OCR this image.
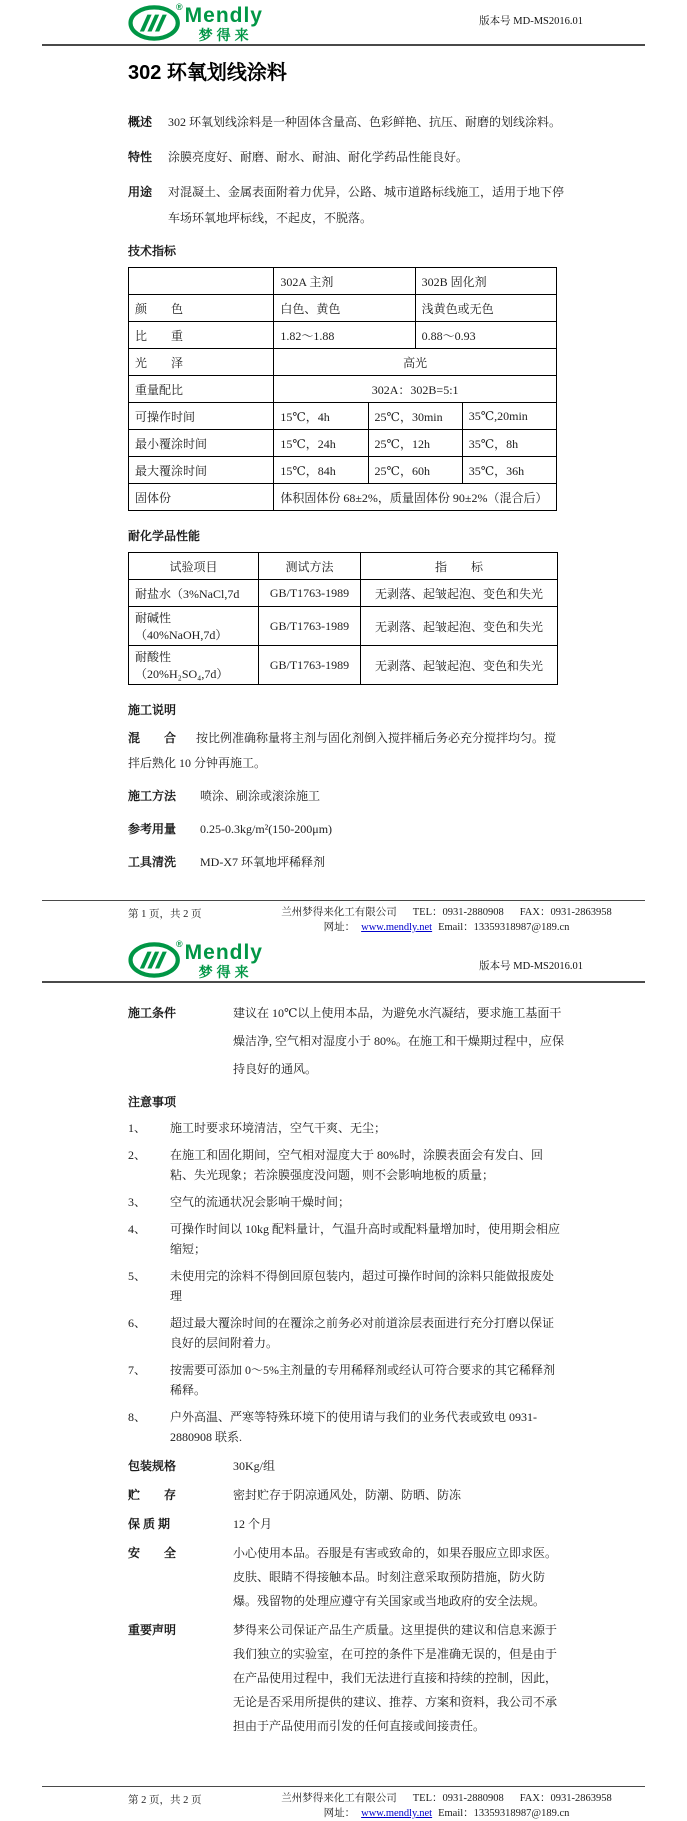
® Mendly
梦得来
版本号 MD-MS2016.01
302 环氧划线涂料
概述	302 环氧划线涂料是一种固体含量高、色彩鲜艳、抗压、耐磨的划线涂料。
特性	涂膜亮度好、耐磨、耐水、耐油、耐化学药品性能良好。
用途	对混凝土、金属表面附着力优异，公路、城市道路标线施工，适用于地下停车场环氧地坪标线，不起皮，不脱落。
技术指标
	302A 主剂		302B 固化剂	
颜　　色	白色、黄色		浅黄色或无色	
比　　重	1.82～1.88		0.88～0.93	
光　　泽	高光			
重量配比	302A：302B=5:1			
可操作时间	15℃，4h	25℃，30min		35℃,20min
最小覆涂时间	15℃，24h	25℃，12h		35℃，8h
最大覆涂时间	15℃，84h	25℃，60h		35℃，36h
固体份	体积固体份 68±2%，质量固体份 90±2%（混合后）			
耐化学品性能
试验项目	测试方法	指　　标
耐盐水（3%NaCl,7d	GB/T1763-1989	无剥落、起皱起泡、变色和失光
耐碱性（40%NaOH,7d）	GB/T1763-1989	无剥落、起皱起泡、变色和失光
耐酸性（20%H₂SO₄,7d）	GB/T1763-1989	无剥落、起皱起泡、变色和失光
施工说明

混　　合 按比例准确称量将主剂与固化剂倒入搅拌桶后务必充分搅拌均匀。搅拌后熟化 10 分钟再施工。

施工方法	喷涂、刷涂或滚涂施工
参考用量	0.25-0.3kg/m²(150-200μm)
工具清洗	MD-X7 环氧地坪稀释剂
第 1 页，共 2 页	兰州梦得来化工有限公司 TEL：0931-2880908 FAX：0931-2863958
网址： www.mendly.net Email：13359318987@189.cn
® Mendly
梦得来	版本号 MD-MS2016.01
施工条件	建议在 10℃以上使用本品，为避免水汽凝结，要求施工基面干燥洁净, 空气相对湿度小于 80%。在施工和干燥期过程中，应保持良好的通风。
注意事项
1、	施工时要求环境清洁，空气干爽、无尘；
2、	在施工和固化期间，空气相对湿度大于 80%时，涂膜表面会有发白、回粘、失光现象；若涂膜强度没问题，则不会影响地板的质量；
3、	空气的流通状况会影响干燥时间；
4、	可操作时间以 10kg 配料量计，气温升高时或配料量增加时，使用期会相应缩短；
5、	未使用完的涂料不得倒回原包装内，超过可操作时间的涂料只能做报废处理
6、	超过最大覆涂时间的在覆涂之前务必对前道涂层表面进行充分打磨以保证良好的层间附着力。
7、	按需要可添加 0～5%主剂量的专用稀释剂或经认可符合要求的其它稀释剂稀释。
8、	户外高温、严寒等特殊环境下的使用请与我们的业务代表或致电 0931-2880908 联系.
包装规格	30Kg/组
贮　　存	密封贮存于阴凉通风处，防潮、防晒、防冻
保 质 期	12 个月
安　　全	小心使用本品。吞服是有害或致命的，如果吞服应立即求医。皮肤、眼睛不得接触本品。时刻注意采取预防措施，防火防爆。残留物的处理应遵守有关国家或当地政府的安全法规。
重要声明	梦得来公司保证产品生产质量。这里提供的建议和信息来源于我们独立的实验室，在可控的条件下是准确无误的，但是由于在产品使用过程中，我们无法进行直接和持续的控制，因此，无论是否采用所提供的建议、推荐、方案和资料，我公司不承担由于产品使用而引发的任何直接或间接责任。
第 2 页，共 2 页	兰州梦得来化工有限公司 TEL：0931-2880908 FAX：0931-2863958
网址： www.mendly.net Email：13359318987@189.cn
